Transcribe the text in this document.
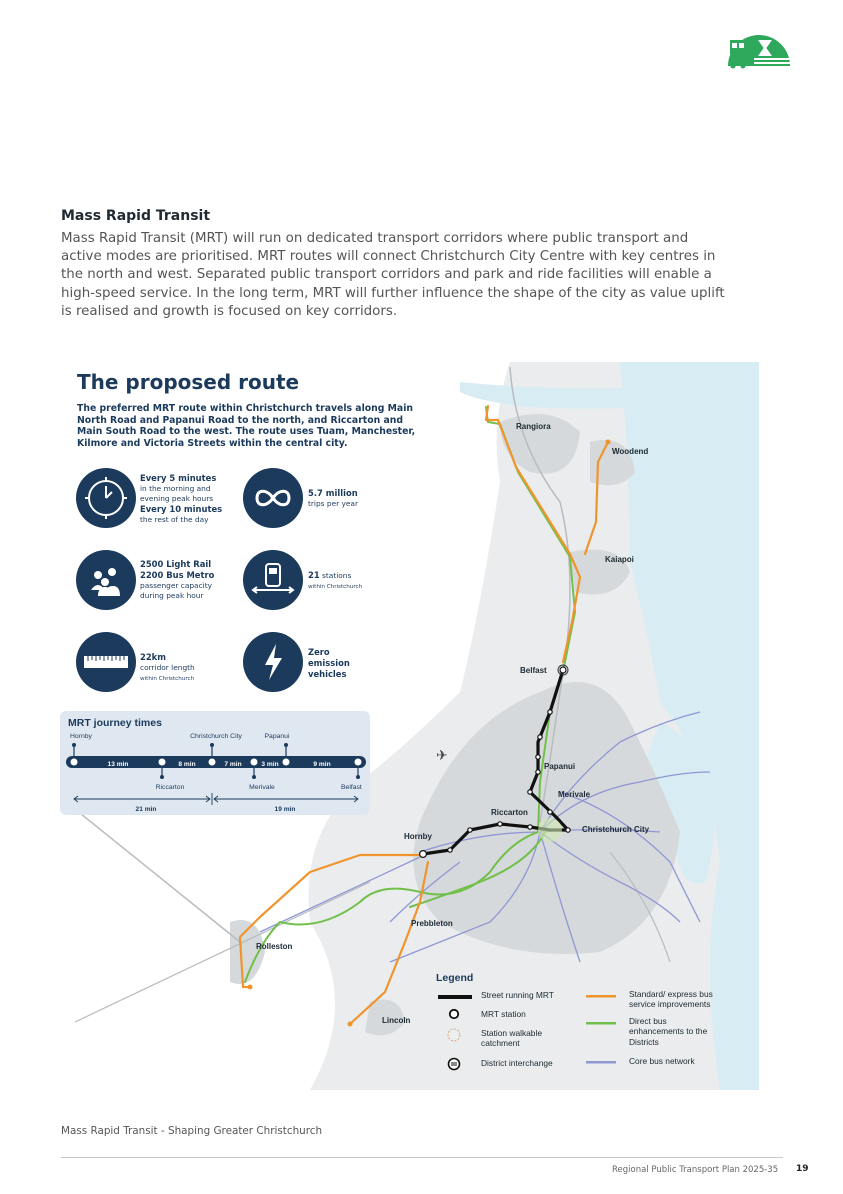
Mass Rapid Transit
Mass Rapid Transit (MRT) will run on dedicated transport corridors where public transport and active modes are prioritised. MRT routes will connect Christchurch City Centre with key centres in the north and west. Separated public transport corridors and park and ride facilities will enable a high-speed service. In the long term, MRT will further influence the shape of the city as value uplift is realised and growth is focused on key corridors.
✈
The proposed route
The preferred MRT route within Christchurch travels along Main North Road and Papanui Road to the north, and Riccarton and Main South Road to the west. The route uses Tuam, Manchester, Kilmore and Victoria Streets within the central city.
Every 5 minutes
in the morning and
evening peak hours
Every 10 minutes
the rest of the day
5.7 million
trips per year
2500 Light Rail
2200 Bus Metro
passenger capacity
during peak hour
21 stations
within Christchurch
22km
corridor length
within Christchurch
Zero
emission
vehicles
MRT journey times
Hornby	Christchurch City	Papanui
Riccarton	Merivale	Belfast
13 min	8 min	7 min	3 min	9 min
21 min	19 min
Rangiora
Woodend
Kaiapoi
Belfast
Papanui
Merivale
Riccarton
Christchurch City
Hornby
Prebbleton
Rolleston
Lincoln
Legend
Street running MRT
MRT station
Station walkable
catchment
District interchange
Standard/ express bus
service improvements
Direct bus
enhancements to the
Districts
Core bus network
Mass Rapid Transit - Shaping Greater Christchurch
Regional Public Transport Plan 2025-35 19
